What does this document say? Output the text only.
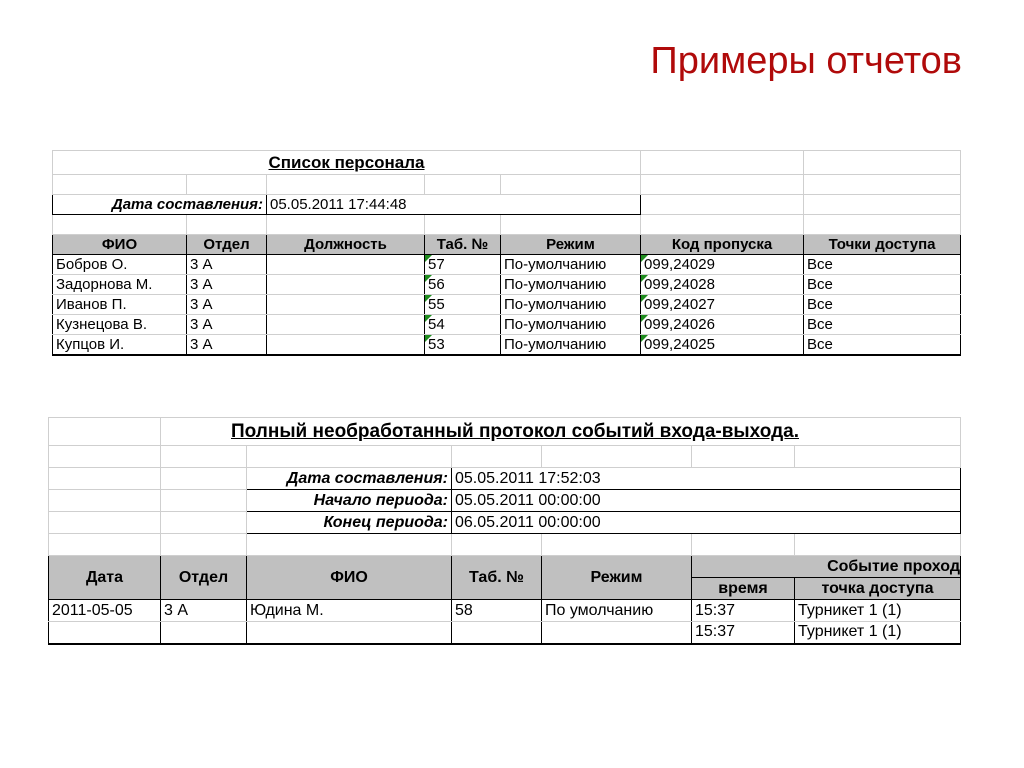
Примеры отчетов
Список персонала						

Дата составления:		05.05.2011 17:44:48				

ФИО	Отдел	Должность	Таб. №	Режим	Код пропуска	Точки доступа
Бобров О.	3 А		57	По-умолчанию	099,24029	Все
Задорнова М.	3 А		56	По-умолчанию	099,24028	Все
Иванов П.	3 А		55	По-умолчанию	099,24027	Все
Кузнецова В.	3 А		54	По-умолчанию	099,24026	Все
Купцов И.	3 А		53	По-умолчанию	099,24025	Все
	Полный необработанный протокол событий входа-выхода.					

		Дата составления:	05.05.2011 17:52:03			
		Начало периода:	05.05.2011 00:00:00			
		Конец периода:	06.05.2011 00:00:00			

Дата	Отдел	ФИО	Таб. №	Режим	Событие проход	
					время	точка доступа
2011-05-05	3 А	Юдина М.	58	По умолчанию	15:37	Турникет 1 (1)
					15:37	Турникет 1 (1)
